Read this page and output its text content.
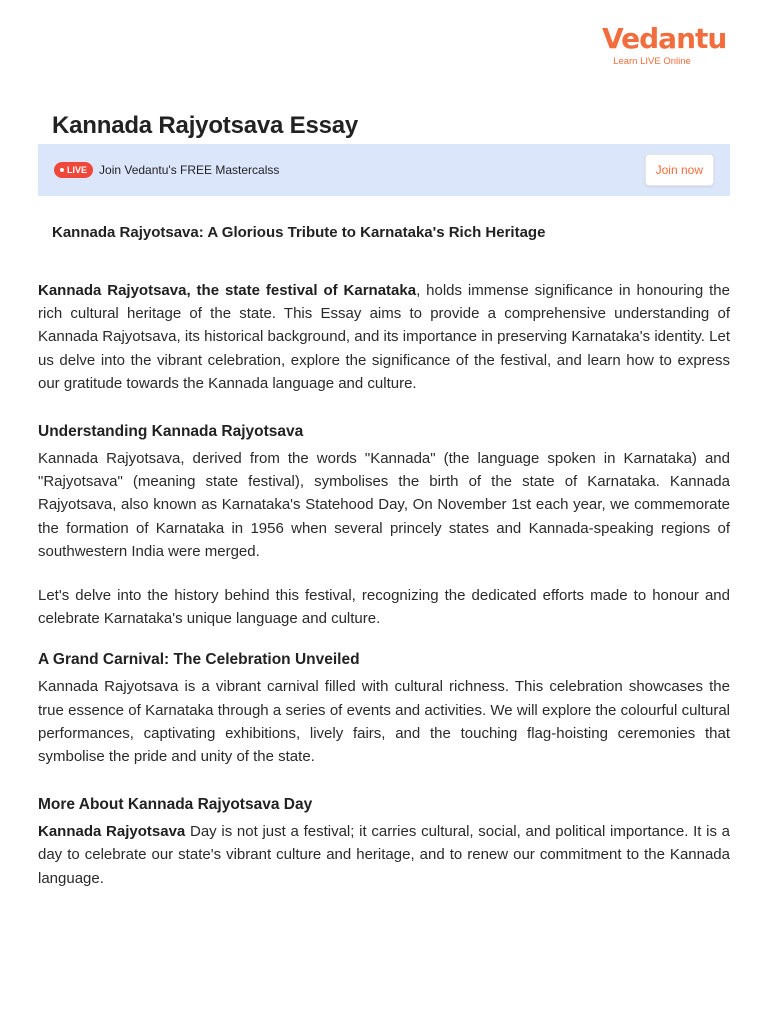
Vedantu
Learn LIVE Online
Kannada Rajyotsava Essay
LIVE Join Vedantu's FREE Mastercalss	Join now
Kannada Rajyotsava: A Glorious Tribute to Karnataka's Rich Heritage

Kannada Rajyotsava, the state festival of Karnataka, holds immense significance in honouring the rich cultural heritage of the state. This Essay aims to provide a comprehensive understanding of Kannada Rajyotsava, its historical background, and its importance in preserving Karnataka's identity. Let us delve into the vibrant celebration, explore the significance of the festival, and learn how to express our gratitude towards the Kannada language and culture.

Understanding Kannada Rajyotsava

Kannada Rajyotsava, derived from the words "Kannada" (the language spoken in Karnataka) and "Rajyotsava" (meaning state festival), symbolises the birth of the state of Karnataka. Kannada Rajyotsava, also known as Karnataka's Statehood Day, On November 1st each year, we commemorate the formation of Karnataka in 1956 when several princely states and Kannada-speaking regions of southwestern India were merged.

Let's delve into the history behind this festival, recognizing the dedicated efforts made to honour and celebrate Karnataka's unique language and culture.

A Grand Carnival: The Celebration Unveiled

Kannada Rajyotsava is a vibrant carnival filled with cultural richness. This celebration showcases the true essence of Karnataka through a series of events and activities. We will explore the colourful cultural performances, captivating exhibitions, lively fairs, and the touching flag-hoisting ceremonies that symbolise the pride and unity of the state.

More About Kannada Rajyotsava Day

Kannada Rajyotsava Day is not just a festival; it carries cultural, social, and political importance. It is a day to celebrate our state's vibrant culture and heritage, and to renew our commitment to the Kannada language.
